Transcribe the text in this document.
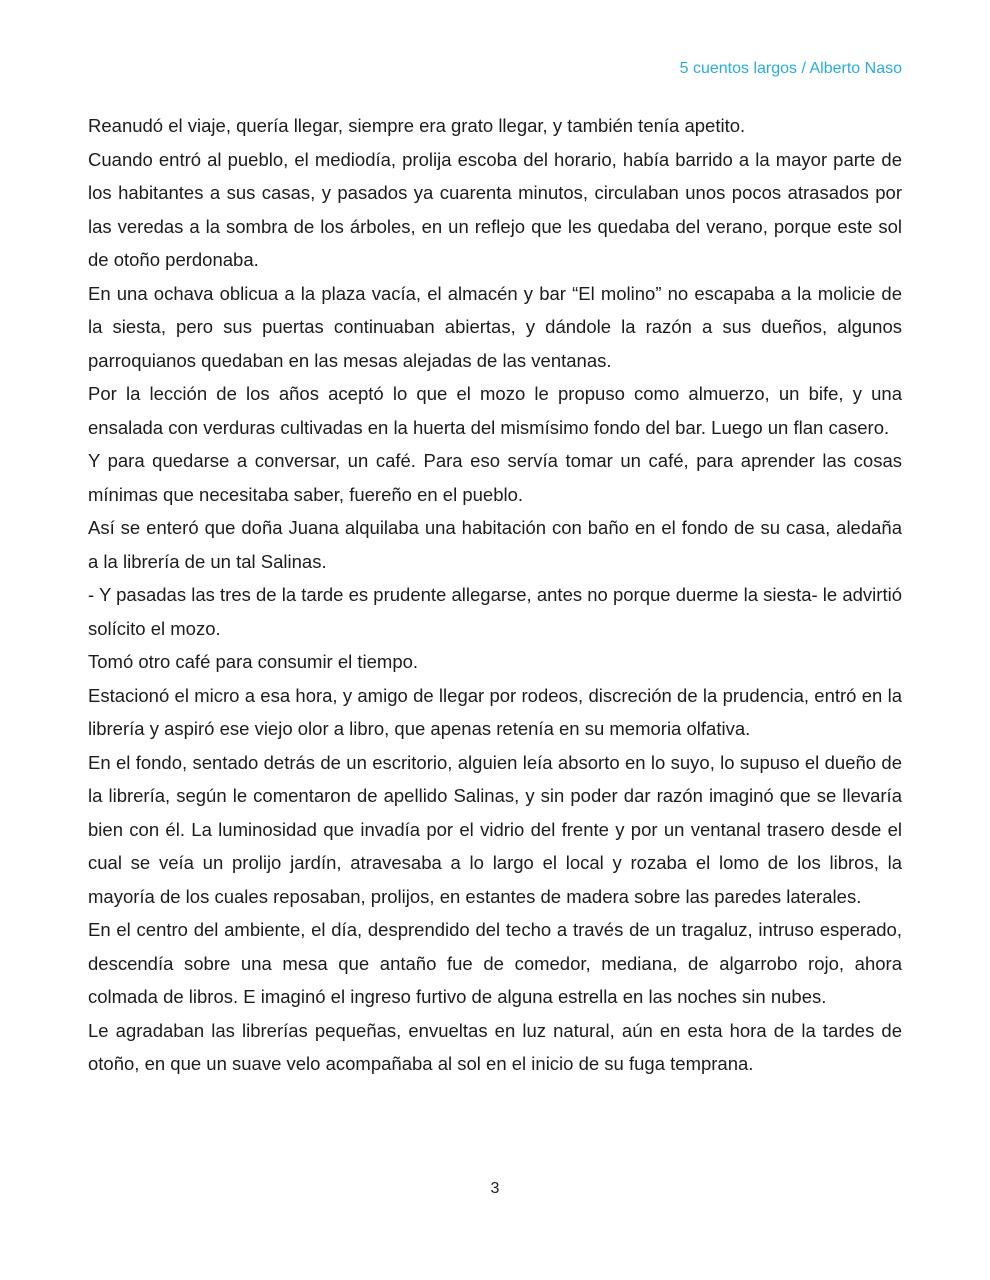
5 cuentos largos / Alberto Naso

Reanudó el viaje, quería llegar, siempre era grato llegar, y también tenía apetito.

Cuando entró al pueblo, el mediodía, prolija escoba del horario, había barrido a la mayor parte de los habitantes a sus casas, y pasados ya cuarenta minutos, circulaban unos pocos atrasados por las veredas a la sombra de los árboles, en un reflejo que les quedaba del verano, porque este sol de otoño perdonaba.

En una ochava oblicua a la plaza vacía, el almacén y bar “El molino” no escapaba a la molicie de la siesta, pero sus puertas continuaban abiertas, y dándole la razón a sus dueños, algunos parroquianos quedaban en las mesas alejadas de las ventanas.

Por la lección de los años aceptó lo que el mozo le propuso como almuerzo, un bife, y una ensalada con verduras cultivadas en la huerta del mismísimo fondo del bar. Luego un flan casero.

Y para quedarse a conversar, un café. Para eso servía tomar un café, para aprender las cosas mínimas que necesitaba saber, fuereño en el pueblo.

Así se enteró que doña Juana alquilaba una habitación con baño en el fondo de su casa, aledaña a la librería de un tal Salinas.

- Y pasadas las tres de la tarde es prudente allegarse, antes no porque duerme la siesta- le advirtió solícito el mozo.

Tomó otro café para consumir el tiempo.

Estacionó el micro a esa hora, y amigo de llegar por rodeos, discreción de la prudencia, entró en la librería y aspiró ese viejo olor a libro, que apenas retenía en su memoria olfativa.

En el fondo, sentado detrás de un escritorio, alguien leía absorto en lo suyo, lo supuso el dueño de la librería, según le comentaron de apellido Salinas, y sin poder dar razón imaginó que se llevaría bien con él. La luminosidad que invadía por el vidrio del frente y por un ventanal trasero desde el cual se veía un prolijo jardín, atravesaba a lo largo el local y rozaba el lomo de los libros, la mayoría de los cuales reposaban, prolijos, en estantes de madera sobre las paredes laterales.

En el centro del ambiente, el día, desprendido del techo a través de un tragaluz, intruso esperado, descendía sobre una mesa que antaño fue de comedor, mediana, de algarrobo rojo, ahora colmada de libros. E imaginó el ingreso furtivo de alguna estrella en las noches sin nubes.

Le agradaban las librerías pequeñas, envueltas en luz natural, aún en esta hora de la tardes de otoño, en que un suave velo acompañaba al sol en el inicio de su fuga temprana.

3
